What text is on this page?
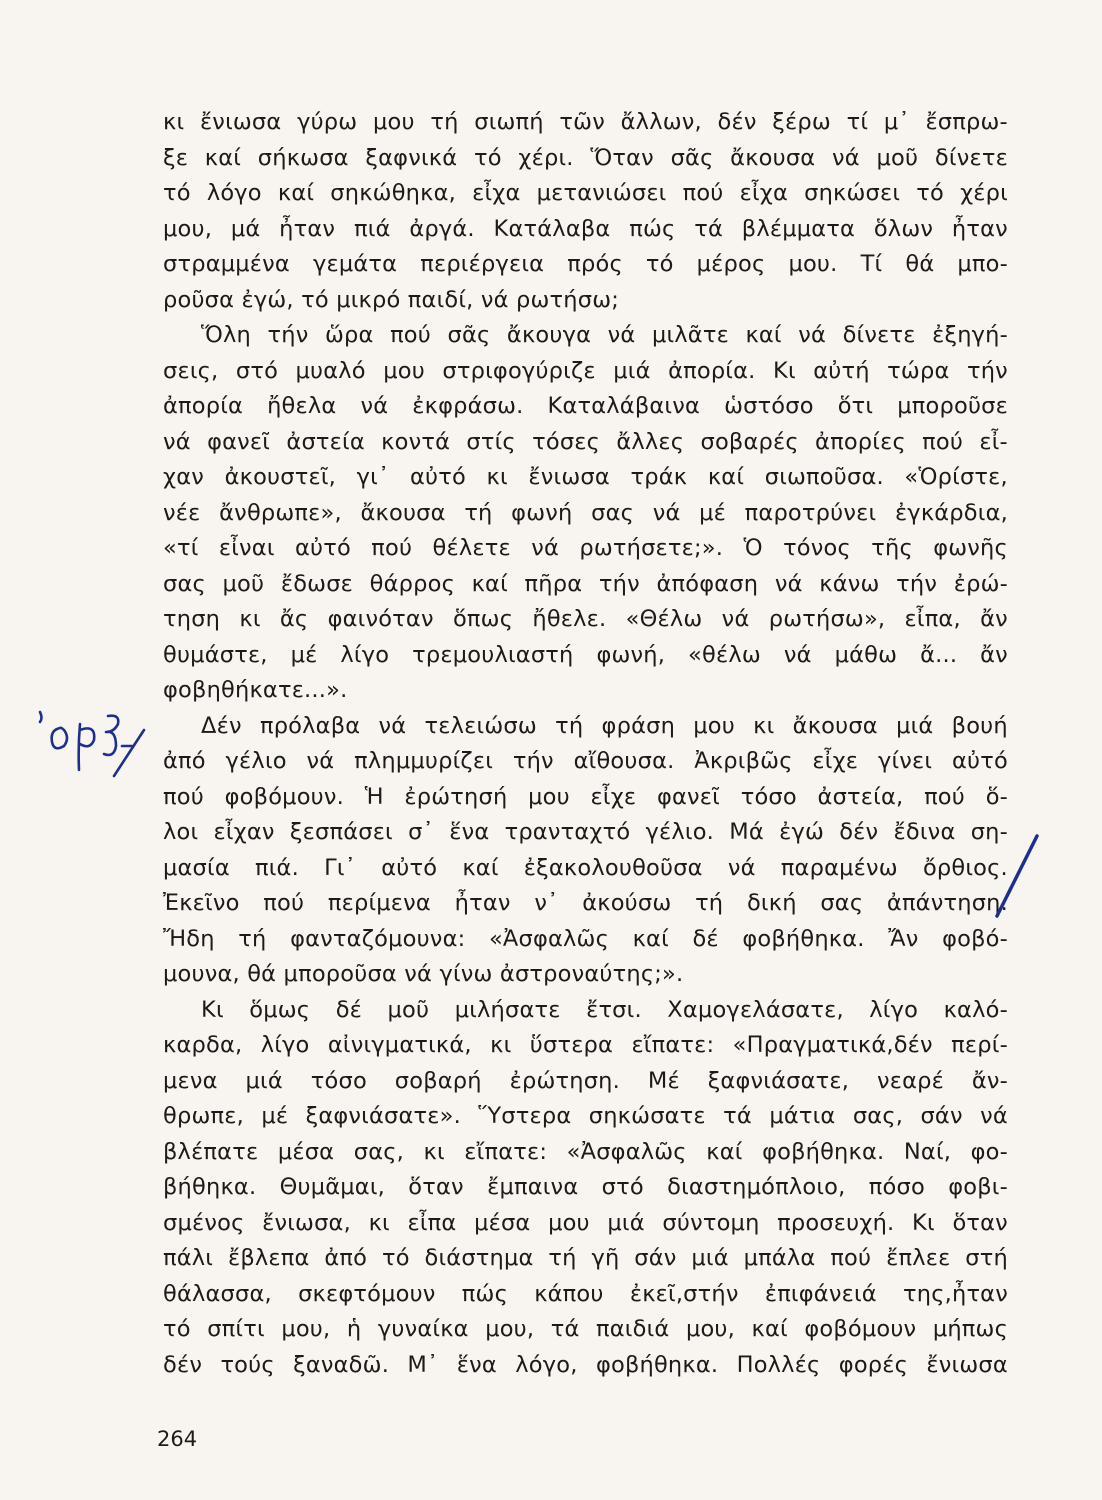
κι ἔνιωσα γύρω μου τή σιωπή τῶν ἄλλων, δέν ξέρω τί μ᾿ ἔσπρω-
ξε καί σήκωσα ξαφνικά τό χέρι. Ὅταν σᾶς ἄκουσα νά μοῦ δίνετε
τό λόγο καί σηκώθηκα, εἶχα μετανιώσει πού εἶχα σηκώσει τό χέρι
μου, μά ἦταν πιά ἀργά. Κατάλαβα πώς τά βλέμματα ὅλων ἦταν
στραμμένα γεμάτα περιέργεια πρός τό μέρος μου. Τί θά μπο-
ροῦσα ἐγώ, τό μικρό παιδί, νά ρωτήσω;
Ὅλη τήν ὥρα πού σᾶς ἄκουγα νά μιλᾶτε καί νά δίνετε ἐξηγή-
σεις, στό μυαλό μου στριφογύριζε μιά ἀπορία. Κι αὐτή τώρα τήν
ἀπορία ἤθελα νά ἐκφράσω. Καταλάβαινα ὡστόσο ὅτι μποροῦσε
νά φανεῖ ἀστεία κοντά στίς τόσες ἄλλες σοβαρές ἀπορίες πού εἶ-
χαν ἀκουστεῖ, γι᾿ αὐτό κι ἔνιωσα τράκ καί σιωποῦσα. «Ὁρίστε,
νέε ἄνθρωπε», ἄκουσα τή φωνή σας νά μέ παροτρύνει ἐγκάρδια,
«τί εἶναι αὐτό πού θέλετε νά ρωτήσετε;». Ὁ τόνος τῆς φωνῆς
σας μοῦ ἔδωσε θάρρος καί πῆρα τήν ἀπόφαση νά κάνω τήν ἐρώ-
τηση κι ἄς φαινόταν ὅπως ἤθελε. «Θέλω νά ρωτήσω», εἶπα, ἄν
θυμάστε, μέ λίγο τρεμουλιαστή φωνή, «θέλω νά μάθω ἄ... ἄν
φοβηθήκατε...».
Δέν πρόλαβα νά τελειώσω τή φράση μου κι ἄκουσα μιά βουή
ἀπό γέλιο νά πλημμυρίζει τήν αἴθουσα. Ἀκριβῶς εἶχε γίνει αὐτό
πού φοβόμουν. Ἡ ἐρώτησή μου εἶχε φανεῖ τόσο ἀστεία, πού ὅ-
λοι εἶχαν ξεσπάσει σ᾿ ἕνα τρανταχτό γέλιο. Μά ἐγώ δέν ἔδινα ση-
μασία πιά. Γι᾿ αὐτό καί ἐξακολουθοῦσα νά παραμένω ὄρθιος.
Ἐκεῖνο πού περίμενα ἦταν ν᾿ ἀκούσω τή δική σας ἀπάντηση.
Ἤδη τή φανταζόμουνα: «Ἀσφαλῶς καί δέ φοβήθηκα. Ἄν φοβό-
μουνα, θά μποροῦσα νά γίνω ἀστροναύτης;».
Κι ὅμως δέ μοῦ μιλήσατε ἔτσι. Χαμογελάσατε, λίγο καλό-
καρδα, λίγο αἰνιγματικά, κι ὕστερα εἴπατε: «Πραγματικά,δέν περί-
μενα μιά τόσο σοβαρή ἐρώτηση. Μέ ξαφνιάσατε, νεαρέ ἄν-
θρωπε, μέ ξαφνιάσατε». Ὕστερα σηκώσατε τά μάτια σας, σάν νά
βλέπατε μέσα σας, κι εἴπατε: «Ἀσφαλῶς καί φοβήθηκα. Ναί, φο-
βήθηκα. Θυμᾶμαι, ὅταν ἔμπαινα στό διαστημόπλοιο, πόσο φοβι-
σμένος ἔνιωσα, κι εἶπα μέσα μου μιά σύντομη προσευχή. Κι ὅταν
πάλι ἔβλεπα ἀπό τό διάστημα τή γῆ σάν μιά μπάλα πού ἔπλεε στή
θάλασσα, σκεφτόμουν πώς κάπου ἐκεῖ,στήν ἐπιφάνειά της,ἦταν
τό σπίτι μου, ἡ γυναίκα μου, τά παιδιά μου, καί φοβόμουν μήπως
δέν τούς ξαναδῶ. Μ᾿ ἕνα λόγο, φοβήθηκα. Πολλές φορές ἔνιωσα
264
